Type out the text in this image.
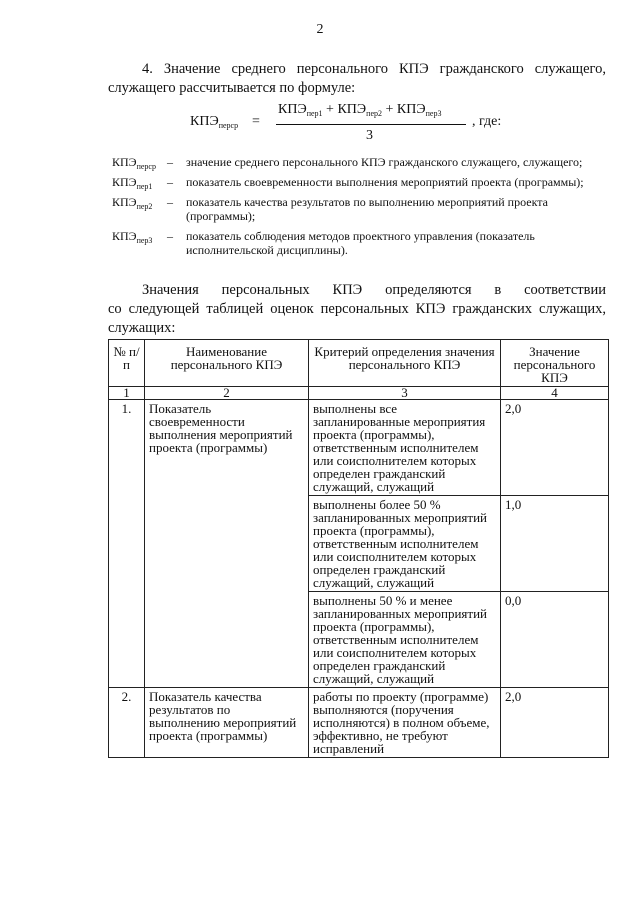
2
4. Значение среднего персонального КПЭ гражданского служащего,
служащего рассчитывается по формуле:
$КПЭ_{перср}$ =
$КПЭ_{пер1} + КПЭ_{пер2} + КПЭ_{пер3}$
3
, где:
$КПЭ_{перср}$ – значение среднего персонального КПЭ гражданского служащего, служащего;
$КПЭ_{пер1}$ – показатель своевременности выполнения мероприятий проекта (программы);
$КПЭ_{пер2}$ – показатель качества результатов по выполнению мероприятий проекта (программы);
$КПЭ_{пер3}$ – показатель соблюдения методов проектного управления (показатель исполнительской дисциплины).
Значения персональных КПЭ определяются в соответствии
со следующей таблицей оценок персональных КПЭ гражданских служащих,
служащих:
№ п/п	Наименование персонального КПЭ	Критерий определения значения персонального КПЭ	Значение персонального КПЭ
1	2	3	4
1.	Показатель своевременности выполнения мероприятий проекта (программы)	выполнены все запланированные мероприятия проекта (программы), ответственным исполнителем или соисполнителем которых определен гражданский служащий, служащий	2,0
		выполнены более 50 % запланированных мероприятий проекта (программы), ответственным исполнителем или соисполнителем которых определен гражданский служащий, служащий	1,0
		выполнены 50 % и менее запланированных мероприятий проекта (программы), ответственным исполнителем или соисполнителем которых определен гражданский служащий, служащий	0,0
2.	Показатель качества результатов по выполнению мероприятий проекта (программы)	работы по проекту (программе) выполняются (поручения исполняются) в полном объеме, эффективно, не требуют исправлений	2,0
